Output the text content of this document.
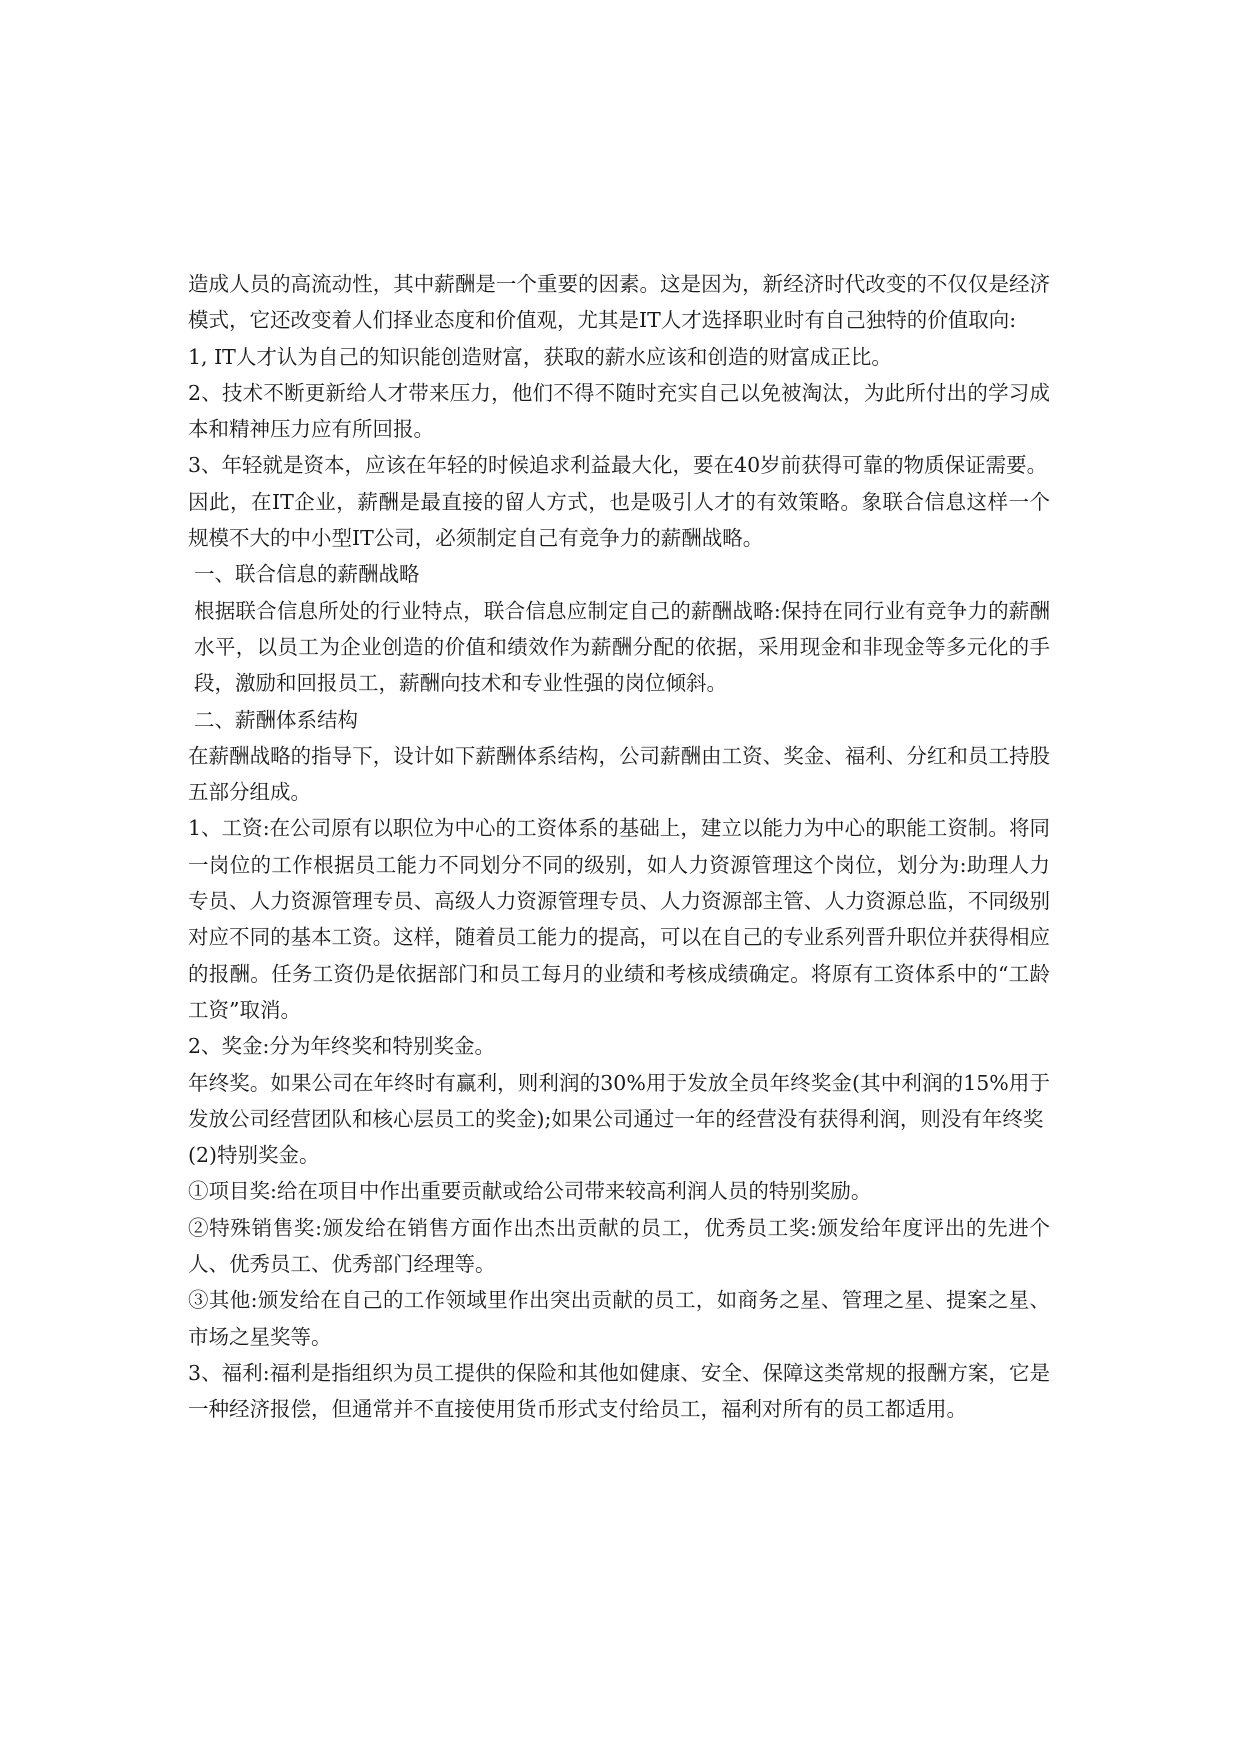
造成人员的高流动性，其中薪酬是一个重要的因素。这是因为，新经济时代改变的不仅仅是经济模式，它还改变着人们择业态度和价值观，尤其是IT人才选择职业时有自己独特的价值取向:

1, IT人才认为自己的知识能创造财富，获取的薪水应该和创造的财富成正比。

2、技术不断更新给人才带来压力，他们不得不随时充实自己以免被淘汰，为此所付出的学习成本和精神压力应有所回报。

3、年轻就是资本，应该在年轻的时候追求利益最大化，要在40岁前获得可靠的物质保证需要。

因此，在IT企业，薪酬是最直接的留人方式，也是吸引人才的有效策略。象联合信息这样一个规模不大的中小型IT公司，必须制定自己有竞争力的薪酬战略。

一、联合信息的薪酬战略

根据联合信息所处的行业特点，联合信息应制定自己的薪酬战略:保持在同行业有竞争力的薪酬水平，以员工为企业创造的价值和绩效作为薪酬分配的依据，采用现金和非现金等多元化的手段，激励和回报员工，薪酬向技术和专业性强的岗位倾斜。

二、薪酬体系结构

在薪酬战略的指导下，设计如下薪酬体系结构，公司薪酬由工资、奖金、福利、分红和员工持股五部分组成。

1、工资:在公司原有以职位为中心的工资体系的基础上，建立以能力为中心的职能工资制。将同一岗位的工作根据员工能力不同划分不同的级别，如人力资源管理这个岗位，划分为:助理人力专员、人力资源管理专员、高级人力资源管理专员、人力资源部主管、人力资源总监，不同级别对应不同的基本工资。这样，随着员工能力的提高，可以在自己的专业系列晋升职位并获得相应的报酬。任务工资仍是依据部门和员工每月的业绩和考核成绩确定。将原有工资体系中的“工龄工资”取消。

2、奖金:分为年终奖和特别奖金。

年终奖。如果公司在年终时有赢利，则利润的30%用于发放全员年终奖金(其中利润的15%用于发放公司经营团队和核心层员工的奖金);如果公司通过一年的经营没有获得利润，则没有年终奖

(2)特别奖金。

①项目奖:给在项目中作出重要贡献或给公司带来较高利润人员的特别奖励。

②特殊销售奖:颁发给在销售方面作出杰出贡献的员工，优秀员工奖:颁发给年度评出的先进个人、优秀员工、优秀部门经理等。

③其他:颁发给在自己的工作领域里作出突出贡献的员工，如商务之星、管理之星、提案之星、市场之星奖等。

3、福利:福利是指组织为员工提供的保险和其他如健康、安全、保障这类常规的报酬方案，它是一种经济报偿，但通常并不直接使用货币形式支付给员工，福利对所有的员工都适用。
